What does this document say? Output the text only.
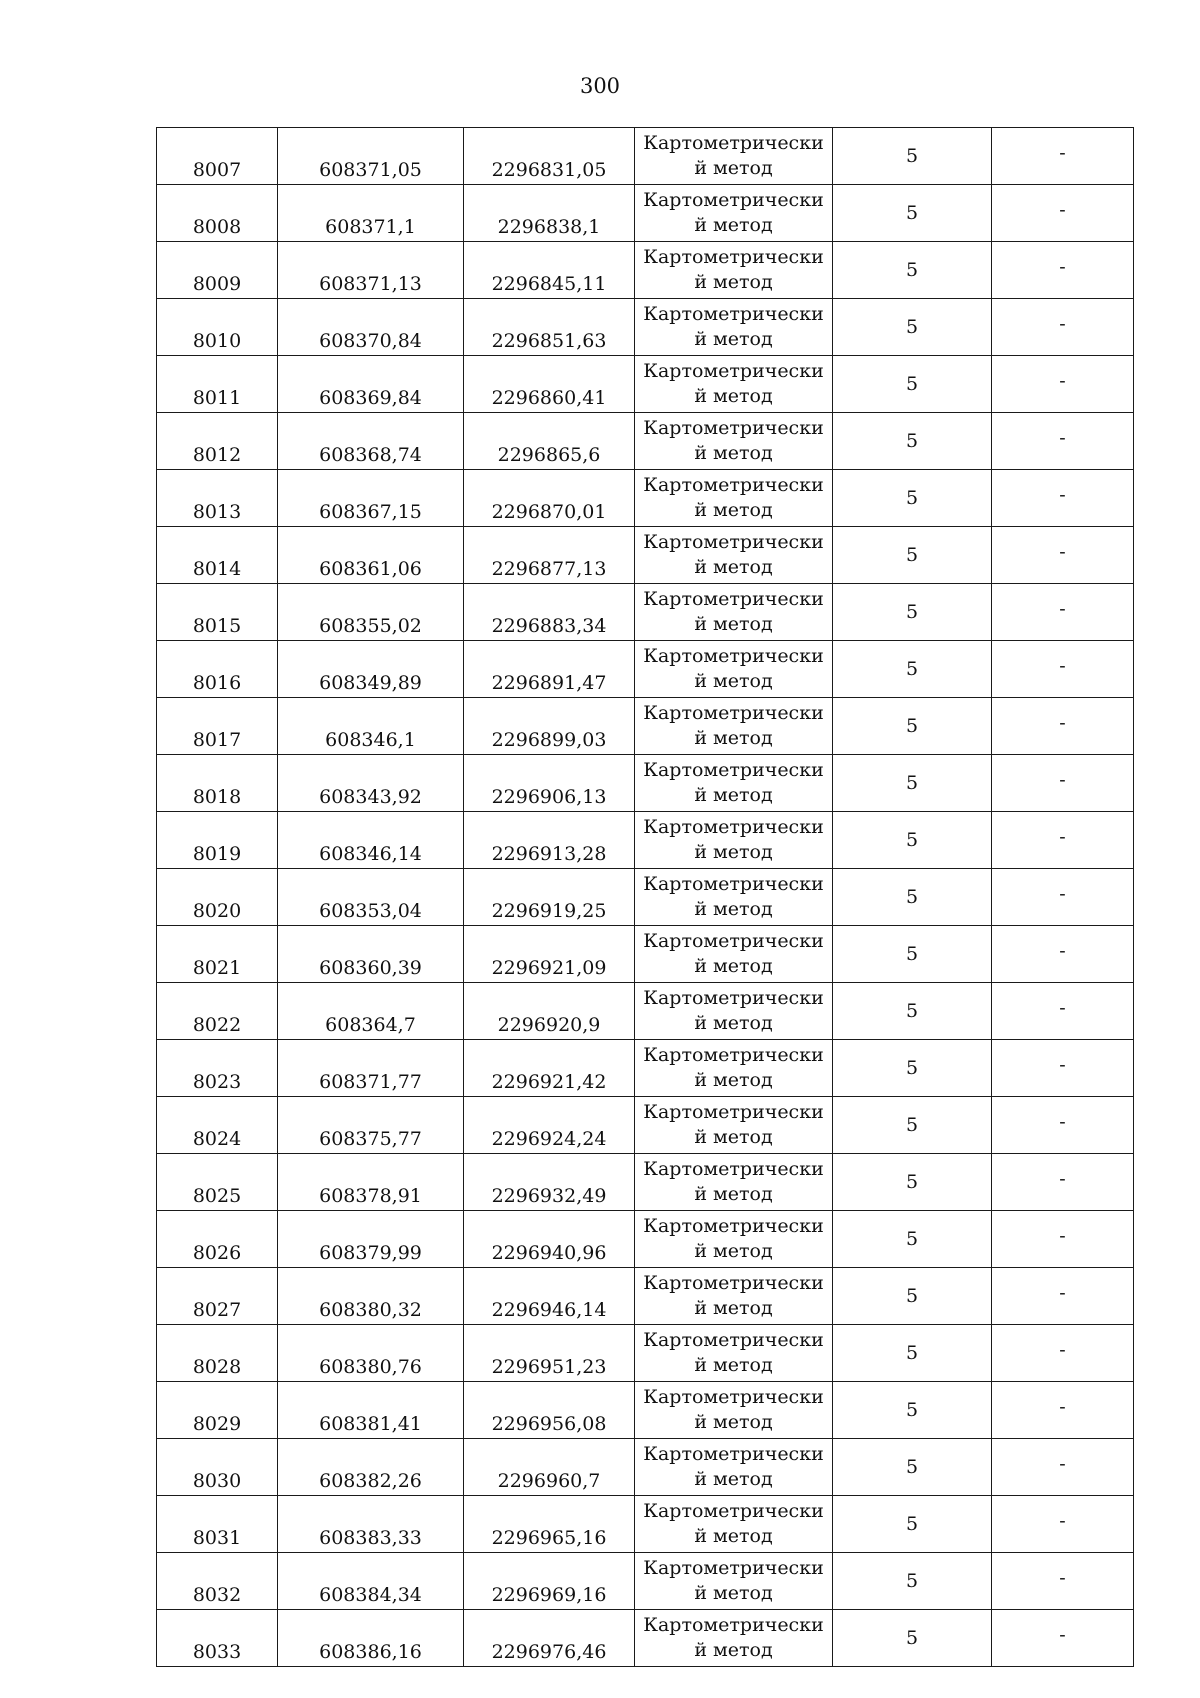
300
8007	608371,05	2296831,05	Картометрически й метод	5	-
8008	608371,1	2296838,1	Картометрически й метод	5	-
8009	608371,13	2296845,11	Картометрически й метод	5	-
8010	608370,84	2296851,63	Картометрически й метод	5	-
8011	608369,84	2296860,41	Картометрически й метод	5	-
8012	608368,74	2296865,6	Картометрически й метод	5	-
8013	608367,15	2296870,01	Картометрически й метод	5	-
8014	608361,06	2296877,13	Картометрически й метод	5	-
8015	608355,02	2296883,34	Картометрически й метод	5	-
8016	608349,89	2296891,47	Картометрически й метод	5	-
8017	608346,1	2296899,03	Картометрически й метод	5	-
8018	608343,92	2296906,13	Картометрически й метод	5	-
8019	608346,14	2296913,28	Картометрически й метод	5	-
8020	608353,04	2296919,25	Картометрически й метод	5	-
8021	608360,39	2296921,09	Картометрически й метод	5	-
8022	608364,7	2296920,9	Картометрически й метод	5	-
8023	608371,77	2296921,42	Картометрически й метод	5	-
8024	608375,77	2296924,24	Картометрически й метод	5	-
8025	608378,91	2296932,49	Картометрически й метод	5	-
8026	608379,99	2296940,96	Картометрически й метод	5	-
8027	608380,32	2296946,14	Картометрически й метод	5	-
8028	608380,76	2296951,23	Картометрически й метод	5	-
8029	608381,41	2296956,08	Картометрически й метод	5	-
8030	608382,26	2296960,7	Картометрически й метод	5	-
8031	608383,33	2296965,16	Картометрически й метод	5	-
8032	608384,34	2296969,16	Картометрически й метод	5	-
8033	608386,16	2296976,46	Картометрически й метод	5	-
